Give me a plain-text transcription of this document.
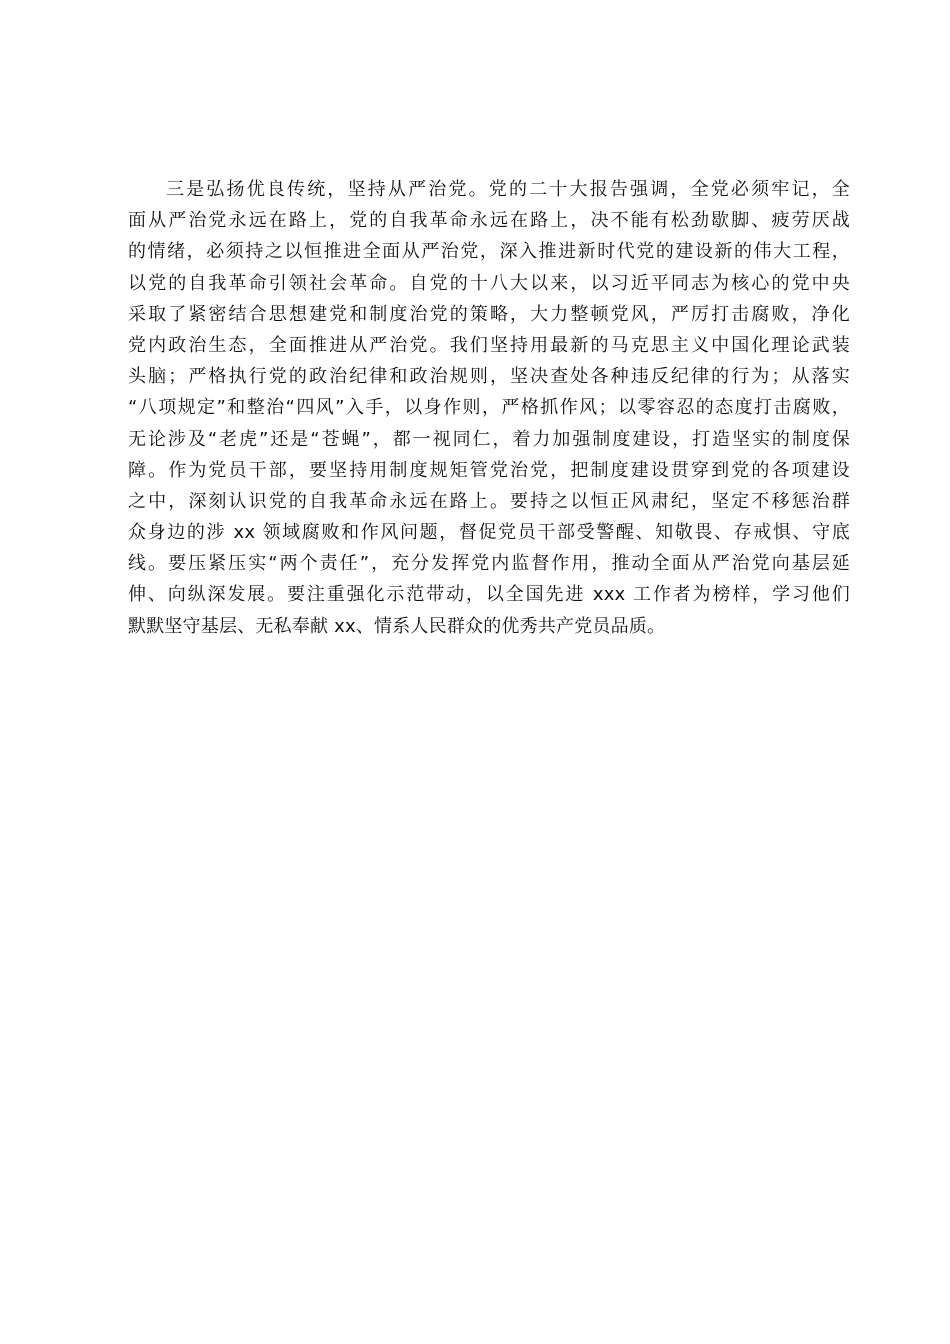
三是弘扬优良传统，坚持从严治党。党的二十大报告强调，全党必须牢记，全
面从严治党永远在路上，党的自我革命永远在路上，决不能有松劲歇脚、疲劳厌战
的情绪，必须持之以恒推进全面从严治党，深入推进新时代党的建设新的伟大工程，
以党的自我革命引领社会革命。自党的十八大以来，以习近平同志为核心的党中央
采取了紧密结合思想建党和制度治党的策略，大力整顿党风，严厉打击腐败，净化
党内政治生态，全面推进从严治党。我们坚持用最新的马克思主义中国化理论武装
头脑；严格执行党的政治纪律和政治规则，坚决查处各种违反纪律的行为；从落实
“八项规定”和整治“四风”入手，以身作则，严格抓作风；以零容忍的态度打击腐败，
无论涉及“老虎”还是“苍蝇”，都一视同仁，着力加强制度建设，打造坚实的制度保
障。作为党员干部，要坚持用制度规矩管党治党，把制度建设贯穿到党的各项建设
之中，深刻认识党的自我革命永远在路上。要持之以恒正风肃纪，坚定不移惩治群
众身边的涉 xx 领域腐败和作风问题，督促党员干部受警醒、知敬畏、存戒惧、守底
线。要压紧压实“两个责任”，充分发挥党内监督作用，推动全面从严治党向基层延
伸、向纵深发展。要注重强化示范带动，以全国先进 xxx 工作者为榜样，学习他们
默默坚守基层、无私奉献 xx、情系人民群众的优秀共产党员品质。
